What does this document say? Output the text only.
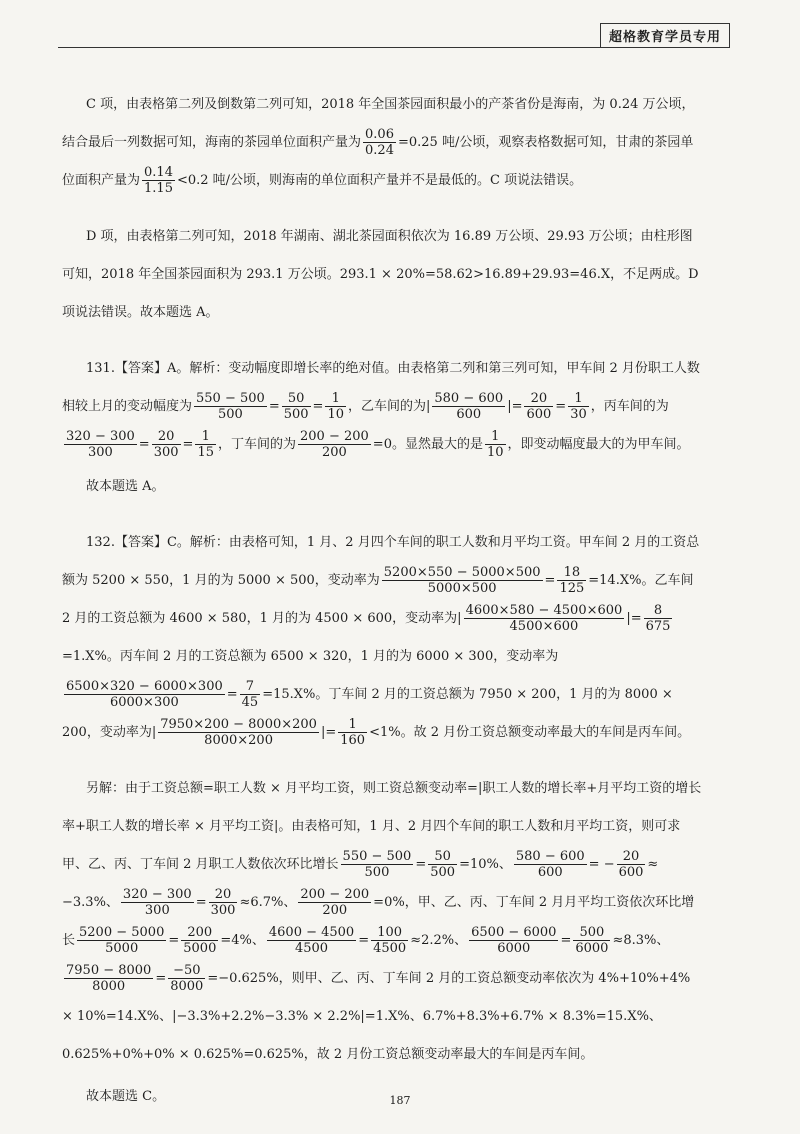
超格教育学员专用

C 项，由表格第二列及倒数第二列可知，2018 年全国茶园面积最小的产茶省份是海南，为 0.24 万公顷，结合最后一列数据可知，海南的茶园单位面积产量为 $\frac{0.06}{0.24} =0.25$ 吨/公顷，观察表格数据可知，甘肃的茶园单位面积产量为 $\frac{0.14}{1.15} <0.2$ 吨/公顷，则海南的单位面积产量并不是最低的。C 项说法错误。

D 项，由表格第二列可知，2018 年湖南、湖北茶园面积依次为 16.89 万公顷、29.93 万公顷；由柱形图可知，2018 年全国茶园面积为 293.1 万公顷。293.1 × 20%=58.62>16.89+29.93=46.X，不足两成。D 项说法错误。故本题选 A。

131.【答案】A。解析：变动幅度即增长率的绝对值。由表格第二列和第三列可知，甲车间 2 月份职工人数相较上月的变动幅度为 $\frac{550 - 500}{500} = \frac{50}{500} = \frac{1}{10}$ ，乙车间的为| $\frac{580 - 600}{600}$ |= $\frac{20}{600} = \frac{1}{30}$ ，丙车间的为
$\frac{320 - 300}{300} = \frac{20}{300} = \frac{1}{15}$ ，丁车间的为 $\frac{200 - 200}{200} =0$。显然最大的是 $\frac{1}{10}$ ，即变动幅度最大的为甲车间。

故本题选 A。

132.【答案】C。解析：由表格可知，1 月、2 月四个车间的职工人数和月平均工资。甲车间 2 月的工资总额为 5200 × 550，1 月的为 5000 × 500，变动率为 $\frac{5200\times 550 - 5000\times 500}{5000\times 500} = \frac{18}{125} =14.X\%$。乙车间 2 月的工资总额为 4600 × 580，1 月的为 4500 × 600，变动率为| $\frac{4600\times 580 - 4500\times 600}{4500\times 600}$ |= $\frac{8}{675}$
=1.X%。丙车间 2 月的工资总额为 6500 × 320，1 月的为 6000 × 300，变动率为
$\frac{6500\times 320 - 6000\times 300}{6000\times 300} = \frac{7}{45} =15.X\%$。丁车间 2 月的工资总额为 7950 × 200，1 月的为 8000 × 200，变动率为| $\frac{7950\times 200 - 8000\times 200}{8000\times 200}$ |= $\frac{1}{160} <1\%$。故 2 月份工资总额变动率最大的车间是丙车间。

另解：由于工资总额=职工人数 × 月平均工资，则工资总额变动率=|职工人数的增长率+月平均工资的增长率+职工人数的增长率 × 月平均工资|。由表格可知，1 月、2 月四个车间的职工人数和月平均工资，则可求甲、乙、丙、丁车间 2 月职工人数依次环比增长 $\frac{550 - 500}{500} = \frac{50}{500} =10\%$、 $\frac{580 - 600}{600}$ = − $\frac{20}{600} \approx -3.3\%$、 $\frac{320 - 300}{300} = \frac{20}{300} \approx 6.7\%$、 $\frac{200 - 200}{200} =0\%$，甲、乙、丙、丁车间 2 月月平均工资依次环比增长 $\frac{5200 - 5000}{5000} = \frac{200}{5000} =4\%$、 $\frac{4600 - 4500}{4500} = \frac{100}{4500} \approx 2.2\%$、 $\frac{6500 - 6000}{6000} = \frac{500}{6000} \approx 8.3\%$、
$\frac{7950 - 8000}{8000} = \frac{-50}{8000} =-0.625\%$，则甲、乙、丙、丁车间 2 月的工资总额变动率依次为 4%+10%+4% × 10%=14.X%、|−3.3%+2.2%−3.3% × 2.2%|=1.X%、6.7%+8.3%+6.7% × 8.3%=15.X%、0.625%+0%+0% × 0.625%=0.625%，故 2 月份工资总额变动率最大的车间是丙车间。

故本题选 C。	187
